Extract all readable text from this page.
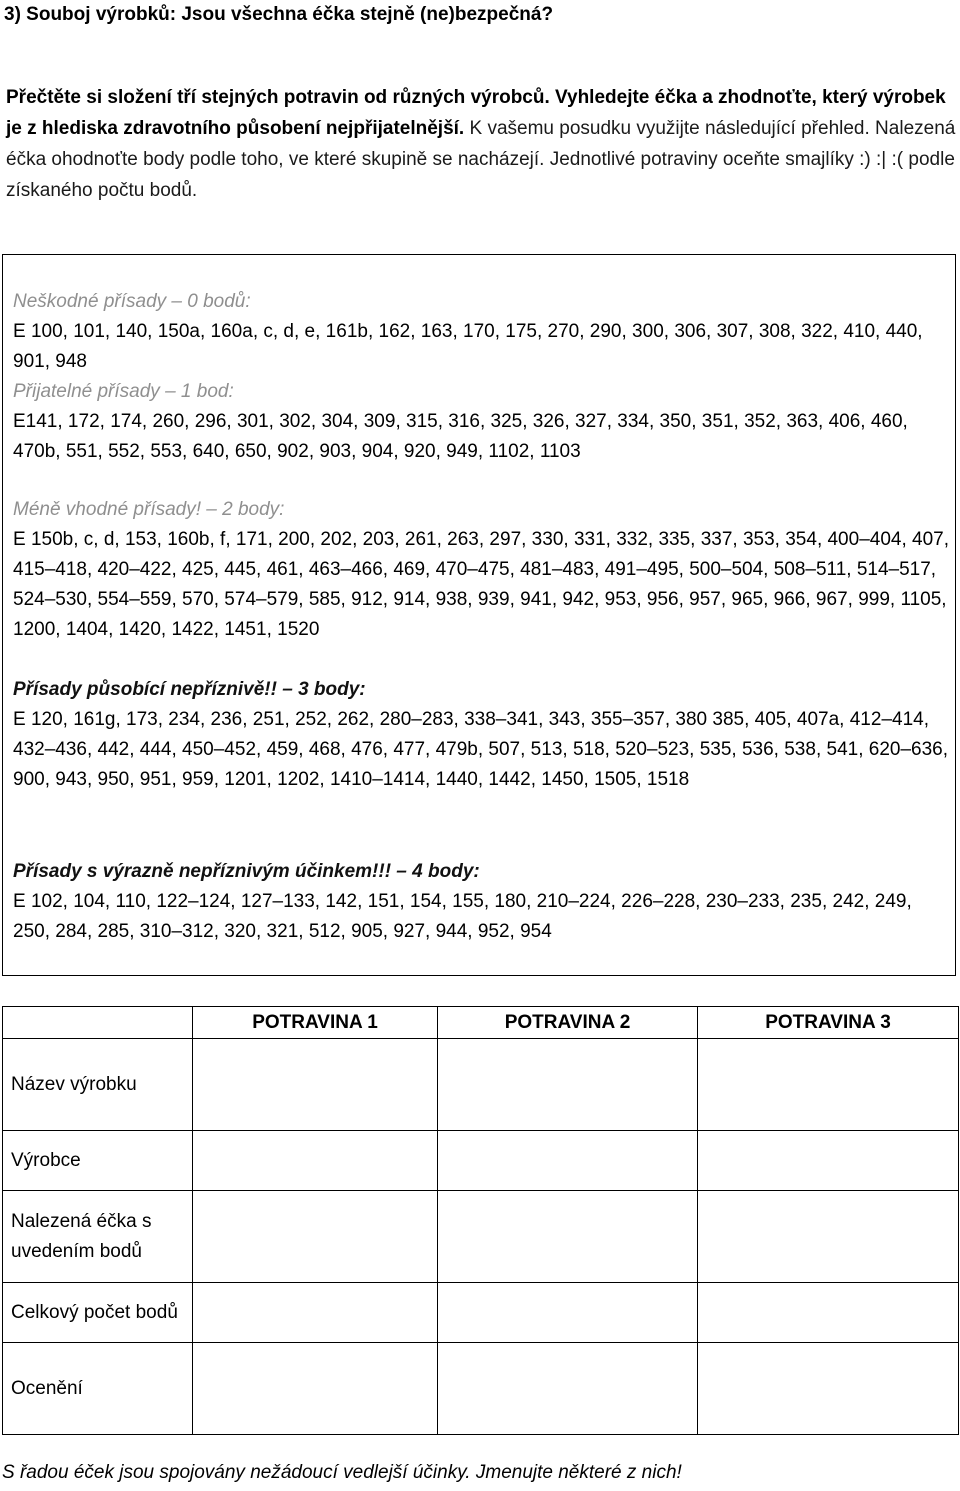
3) Souboj výrobků: Jsou všechna éčka stejně (ne)bezpečná?

Přečtěte si složení tří stejných potravin od různých výrobců. Vyhledejte éčka a zhodnoťte, který výrobek je z hlediska zdravotního působení nejpřijatelnější. K vašemu posudku využijte následující přehled. Nalezená éčka ohodnoťte body podle toho, ve které skupině se nacházejí. Jednotlivé potraviny oceňte smajlíky :) :| :( podle získaného počtu bodů.

Neškodné přísady – 0 bodů:
E 100, 101, 140, 150a, 160a, c, d, e, 161b, 162, 163, 170, 175, 270, 290, 300, 306, 307, 308, 322, 410, 440, 901, 948
Přijatelné přísady – 1 bod:
E141, 172, 174, 260, 296, 301, 302, 304, 309, 315, 316, 325, 326, 327, 334, 350, 351, 352, 363, 406, 460, 470b, 551, 552, 553, 640, 650, 902, 903, 904, 920, 949, 1102, 1103
Méně vhodné přísady! – 2 body:
E 150b, c, d, 153, 160b, f, 171, 200, 202, 203, 261, 263, 297, 330, 331, 332, 335, 337, 353, 354, 400–404, 407, 415–418, 420–422, 425, 445, 461, 463–466, 469, 470–475, 481–483, 491–495, 500–504, 508–511, 514–517, 524–530, 554–559, 570, 574–579, 585, 912, 914, 938, 939, 941, 942, 953, 956, 957, 965, 966, 967, 999, 1105, 1200, 1404, 1420, 1422, 1451, 1520
Přísady působící nepříznivě!! – 3 body:
E 120, 161g, 173, 234, 236, 251, 252, 262, 280–283, 338–341, 343, 355–357, 380 385, 405, 407a, 412–414, 432–436, 442, 444, 450–452, 459, 468, 476, 477, 479b, 507, 513, 518, 520–523, 535, 536, 538, 541, 620–636, 900, 943, 950, 951, 959, 1201, 1202, 1410–1414, 1440, 1442, 1450, 1505, 1518
Přísady s výrazně nepříznivým účinkem!!! – 4 body:
E 102, 104, 110, 122–124, 127–133, 142, 151, 154, 155, 180, 210–224, 226–228, 230–233, 235, 242, 249, 250, 284, 285, 310–312, 320, 321, 512, 905, 927, 944, 952, 954
	POTRAVINA 1	POTRAVINA 2	POTRAVINA 3
Název výrobku			
Výrobce			
Nalezená éčka s uvedením bodů			
Celkový počet bodů			
Ocenění			

S řadou éček jsou spojovány nežádoucí vedlejší účinky. Jmenujte některé z nich!
